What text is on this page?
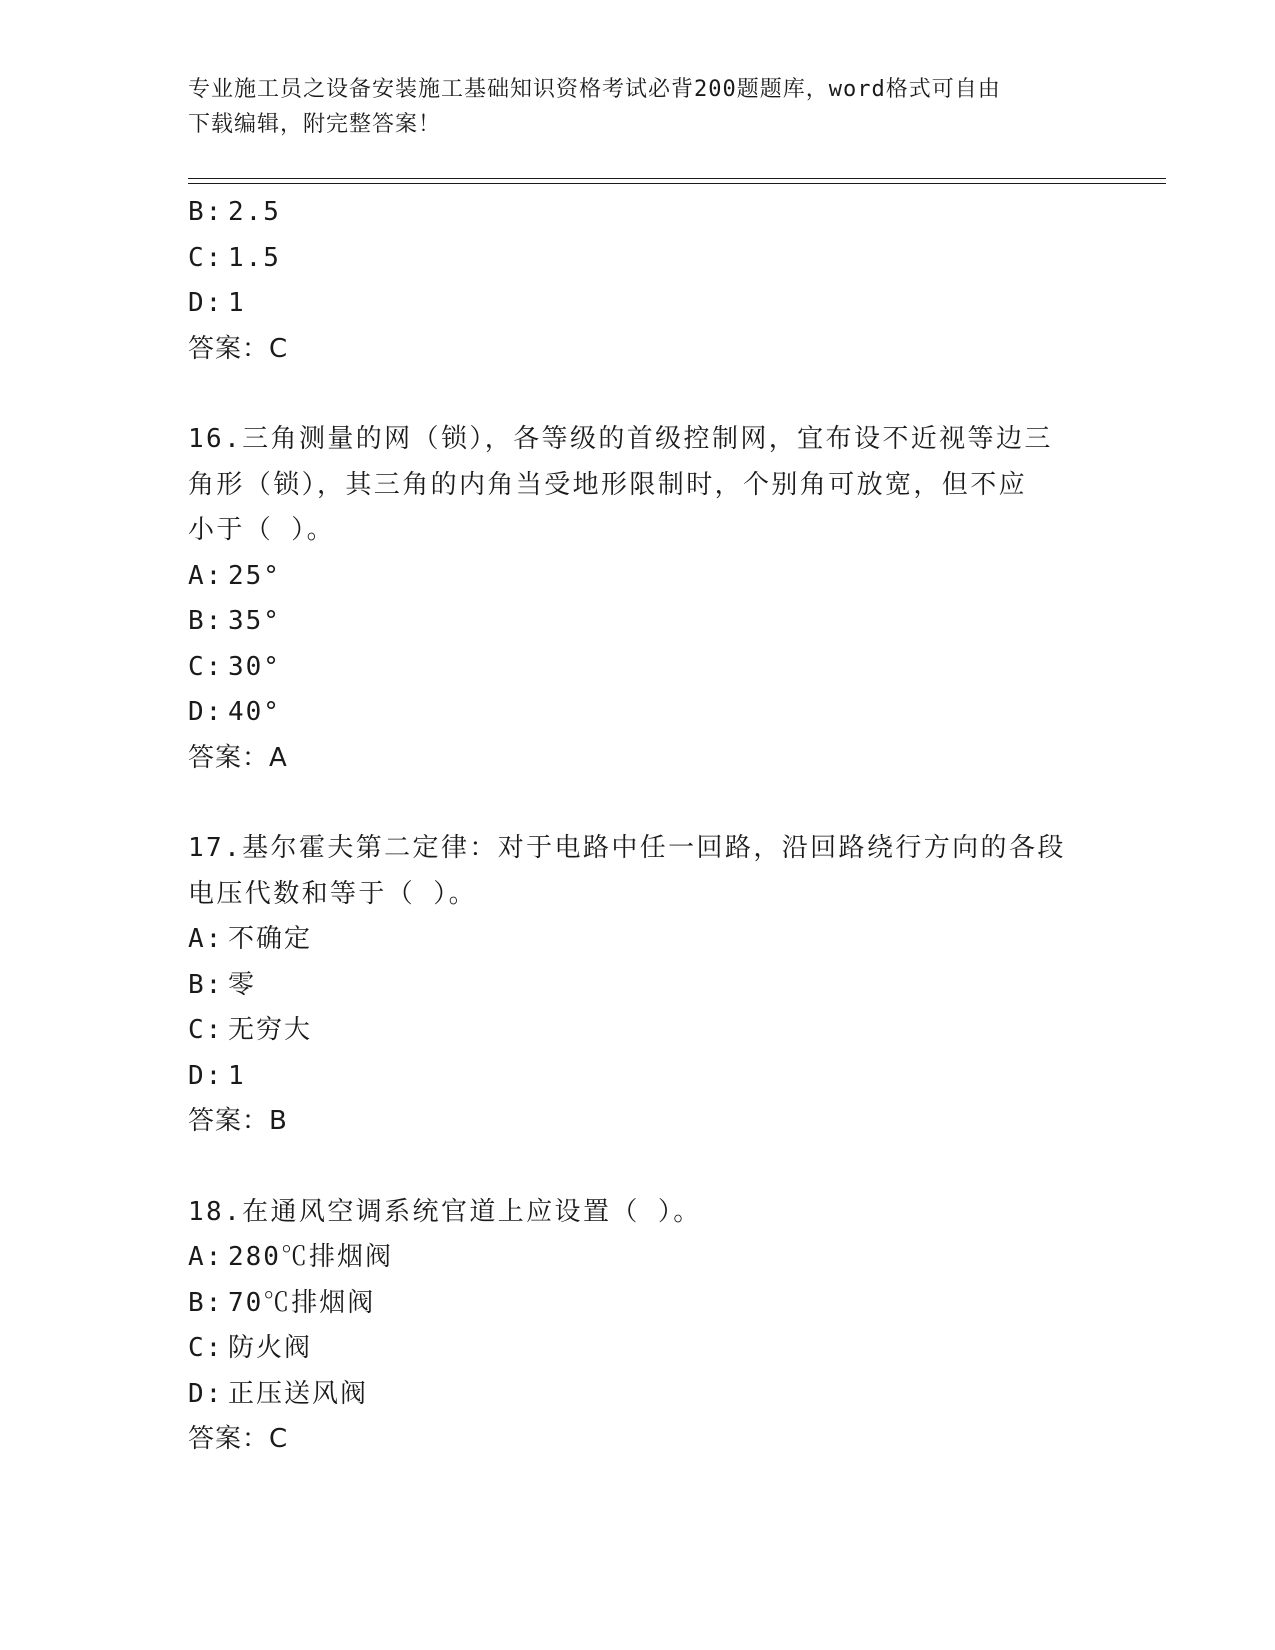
专业施工员之设备安装施工基础知识资格考试必背200题题库，word格式可自由
下载编辑，附完整答案！
B: 2.5
C: 1.5
D: 1
答案：C
16.三角测量的网（锁），各等级的首级控制网，宜布设不近视等边三
角形（锁），其三角的内角当受地形限制时，个别角可放宽，但不应
小于（ ）。
A: 25°
B: 35°
C: 30°
D: 40°
答案：A
17.基尔霍夫第二定律：对于电路中任一回路，沿回路绕行方向的各段
电压代数和等于（ ）。
A: 不确定
B: 零
C: 无穷大
D: 1
答案：B
18.在通风空调系统官道上应设置（ ）。
A: 280℃排烟阀
B: 70℃排烟阀
C: 防火阀
D: 正压送风阀
答案：C
